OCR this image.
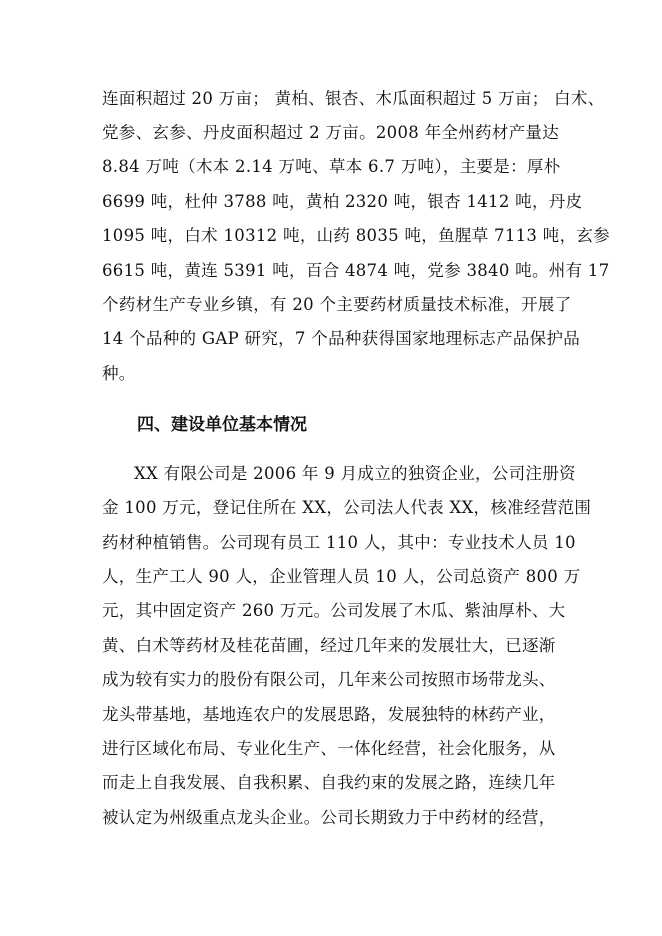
连面积超过 20 万亩； 黄柏、银杏、木瓜面积超过 5 万亩； 白术、
党参、玄参、丹皮面积超过 2 万亩。2008 年全州药材产量达
8.84 万吨（木本 2.14 万吨、草本 6.7 万吨），主要是：厚朴
6699 吨，杜仲 3788 吨，黄柏 2320 吨，银杏 1412 吨，丹皮
1095 吨，白术 10312 吨，山药 8035 吨，鱼腥草 7113 吨，玄参
6615 吨，黄连 5391 吨，百合 4874 吨，党参 3840 吨。州有 17
个药材生产专业乡镇，有 20 个主要药材质量技术标准，开展了
14 个品种的 GAP 研究，7 个品种获得国家地理标志产品保护品
种。
四、建设单位基本情况
XX 有限公司是 2006 年 9 月成立的独资企业，公司注册资
金 100 万元，登记住所在 XX，公司法人代表 XX，核准经营范围
药材种植销售。公司现有员工 110 人，其中：专业技术人员 10
人，生产工人 90 人，企业管理人员 10 人，公司总资产 800 万
元，其中固定资产 260 万元。公司发展了木瓜、紫油厚朴、大
黄、白术等药材及桂花苗圃，经过几年来的发展壮大，已逐渐
成为较有实力的股份有限公司，几年来公司按照市场带龙头、
龙头带基地，基地连农户的发展思路，发展独特的林药产业，
进行区域化布局、专业化生产、一体化经营，社会化服务，从
而走上自我发展、自我积累、自我约束的发展之路，连续几年
被认定为州级重点龙头企业。公司长期致力于中药材的经营，
